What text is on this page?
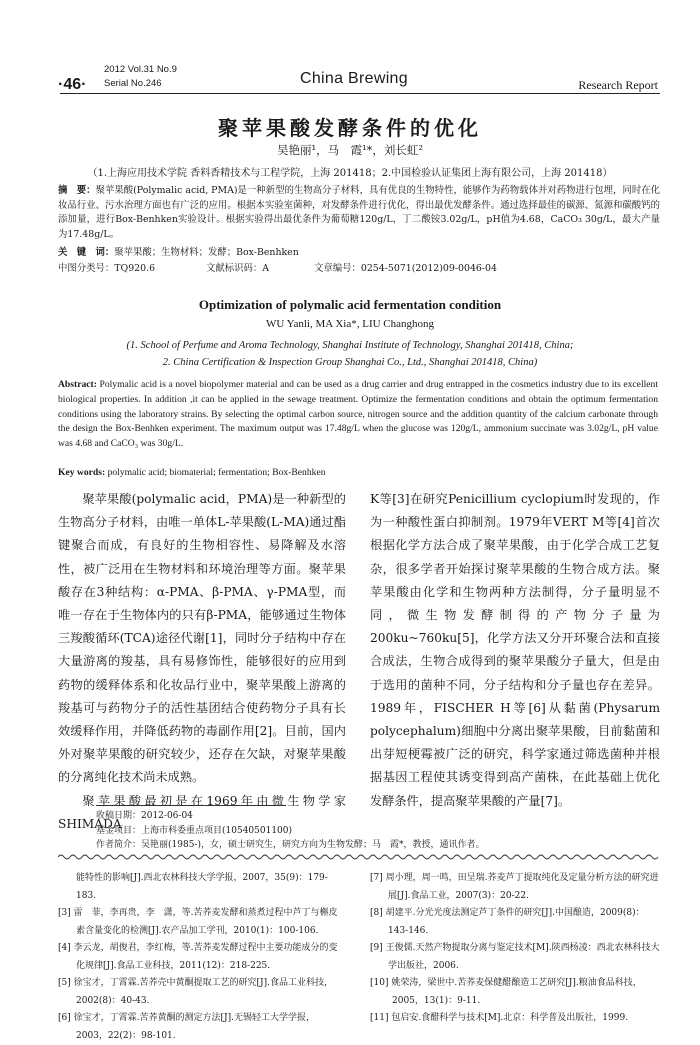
·46·
2012 Vol.31 No.9
Serial No.246	China Brewing	Research Report
聚苹果酸发酵条件的优化
吴艳丽¹，马　霞¹*，刘长虹²
（1.上海应用技术学院 香料香精技术与工程学院，上海 201418；2.中国检验认证集团上海有限公司，上海 201418）
摘　要：聚苹果酸(Polymalic acid, PMA)是一种新型的生物高分子材料，具有优良的生物特性，能够作为药物载体并对药物进行包埋，同时在化妆品行业、污水治理方面也有广泛的应用。根据本实验室菌种，对发酵条件进行优化，得出最优发酵条件。通过选择最佳的碳源、氮源和碳酸钙的添加量，进行Box-Benhken实验设计。根据实验得出最优条件为葡萄糖120g/L，丁二酸铵3.02g/L，pH值为4.68，CaCO₃ 30g/L，最大产量为17.48g/L。
关　键　词：聚苹果酸；生物材料；发酵；Box-Benhken
中图分类号：TQ920.6	文献标识码：A	文章编号：0254-5071(2012)09-0046-04
Optimization of polymalic acid fermentation condition
WU Yanli, MA Xia*, LIU Changhong
(1. School of Perfume and Aroma Technology, Shanghai Institute of Technology, Shanghai 201418, China;
2. China Certification & Inspection Group Shanghai Co., Ltd., Shanghai 201418, China)
Abstract: Polymalic acid is a novel biopolymer material and can be used as a drug carrier and drug entrapped in the cosmetics industry due to its excellent biological properties. In addition ,it can be applied in the sewage treatment. Optimize the fermentation conditions and obtain the optimum fermentation conditions using the laboratory strains. By selecting the optimal carbon source, nitrogen source and the addition quantity of the calcium carbonate through the design the Box-Benhken experiment. The maximum output was 17.48g/L when the glucose was 120g/L, ammonium succinate was 3.02g/L, pH value was 4.68 and CaCO₃ was 30g/L.
Key words: polymalic acid; biomaterial; fermentation; Box-Benhken

聚苹果酸(polymalic acid，PMA)是一种新型的生物高分子材料，由唯一单体L-苹果酸(L-MA)通过酯键聚合而成，有良好的生物相容性、易降解及水溶性，被广泛用在生物材料和环境治理等方面。聚苹果酸存在3种结构：α-PMA、β-PMA、γ-PMA型，而唯一存在于生物体内的只有β-PMA，能够通过生物体三羧酸循环(TCA)途径代谢[1]，同时分子结构中存在大量游离的羧基，具有易修饰性，能够很好的应用到药物的缓释体系和化妆品行业中，聚苹果酸上游离的羧基可与药物分子的活性基团结合使药物分子具有长效缓释作用，并降低药物的毒副作用[2]。目前，国内外对聚苹果酸的研究较少，还存在欠缺，对聚苹果酸的分离纯化技术尚未成熟。

聚苹果酸最初是在1969年由微生物学家SHIMADA

K等[3]在研究Penicillium cyclopium时发现的，作为一种酸性蛋白抑制剂。1979年VERT M等[4]首次根据化学方法合成了聚苹果酸，由于化学合成工艺复杂，很多学者开始探讨聚苹果酸的生物合成方法。聚苹果酸由化学和生物两种方法制得，分子量明显不同，微生物发酵制得的产物分子量为200ku~760ku[5]，化学方法又分开环聚合法和直接合成法，生物合成得到的聚苹果酸分子量大，但是由于选用的菌种不同，分子结构和分子量也存在差异。1989年，FISCHER H等[6]从黏菌(Physarum polycephalum)细胞中分离出聚苹果酸，目前黏菌和出芽短梗霉被广泛的研究，科学家通过筛选菌种并根据基因工程使其诱变得到高产菌株，在此基础上优化发酵条件，提高聚苹果酸的产量[7]。

收稿日期：2012-06-04
基金项目：上海市科委重点项目(10540501100)
作者简介：吴艳丽(1985-)，女，硕士研究生，研究方向为生物发酵；马　霞*，教授，通讯作者。
能特性的影响[J].西北农林科技大学学报，2007，35(9)：179-183.
[3] 雷　菲，李再贵，李　潇，等.苦荞麦发酵和蒸煮过程中芦丁与槲皮素含量变化的检测[J].农产品加工学刊，2010(1)：100-106.
[4] 李云龙，胡俊君，李红梅，等.苦荞麦发酵过程中主要功能成分的变化规律[J].食品工业科技，2011(12)：218-225.
[5] 徐宝才，丁霄霖.苦荞壳中黄酮提取工艺的研究[J].食品工业科技，2002(8)：40-43.
[6] 徐宝才，丁霄霖.苦荞黄酮的测定方法[J].无锡轻工大学学报，2003，22(2)：98-101.
[7] 周小理，周一鸣，田呈瑞.荞麦芦丁提取纯化及定量分析方法的研究进展[J].食品工业，2007(3)：20-22.
[8] 胡建平.分光光度法测定芦丁条件的研究[J].中国酿造，2009(8)：143-146.
[9] 王俊儒.天然产物提取分离与鉴定技术[M].陕西杨凌：西北农林科技大学出版社，2006.
[10] 姚荣涛，梁世中.苦荞麦保健醋酿造工艺研究[J].粮油食品科技，2005，13(1)：9-11.
[11] 包启安.食醋科学与技术[M].北京：科学普及出版社，1999.
